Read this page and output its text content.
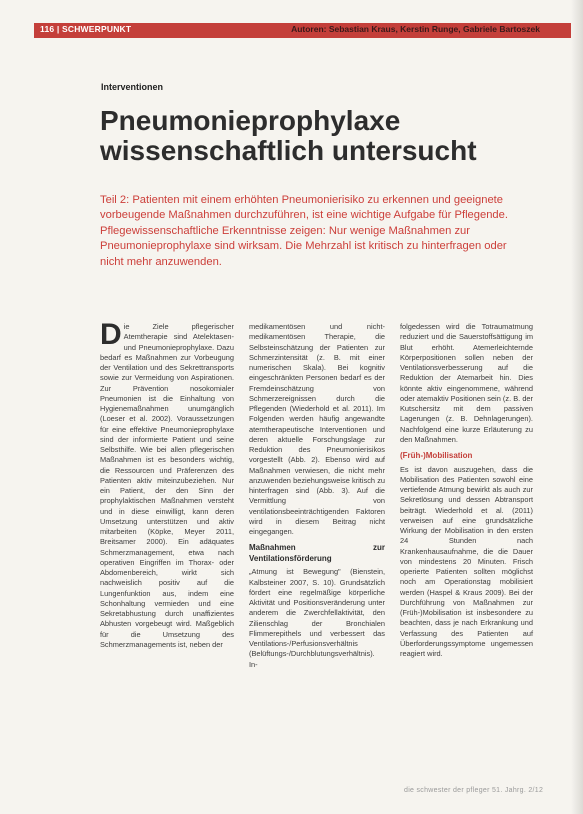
116 | SCHWERPUNKT	Autoren: Sebastian Kraus, Kerstin Runge, Gabriele Bartoszek
Interventionen
Pneumonieprophylaxe wissenschaftlich untersucht
Teil 2: Patienten mit einem erhöhten Pneumonierisiko zu erkennen und geeignete vorbeugende Maßnahmen durchzuführen, ist eine wichtige Aufgabe für Pflegende. Pflegewissenschaftliche Erkenntnisse zeigen: Nur wenige Maßnahmen zur Pneumonieprophylaxe sind wirksam. Die Mehrzahl ist kritisch zu hinterfragen oder nicht mehr anzuwenden.
D ie Ziele pflegerischer Atemtherapie sind Atelektasen- und Pneumonieprophylaxe. Dazu bedarf es Maßnahmen zur Vorbeugung der Ventilation und des Sekrettransports sowie zur Vermeidung von Aspirationen. Zur Prävention nosokomialer Pneumonien ist die Einhaltung von Hygienemaßnahmen unumgänglich (Loeser et al. 2002). Voraussetzungen für eine effektive Pneumonieprophylaxe sind der informierte Patient und seine Selbsthilfe. Wie bei allen pflegerischen Maßnahmen ist es besonders wichtig, die Ressourcen und Präferenzen des Patienten aktiv miteinzubeziehen. Nur ein Patient, der den Sinn der prophylaktischen Maßnahmen versteht und in diese einwilligt, kann deren Umsetzung unterstützen und aktiv mitarbeiten (Köpke, Meyer 2011, Breitsamer 2000). Ein adäquates Schmerzmanagement, etwa nach operativen Eingriffen im Thorax- oder Abdomenbereich, wirkt sich nachweislich positiv auf die Lungenfunktion aus, indem eine Schonhaltung vermieden und eine Sekretabhustung durch unaffizientes Abhusten vorgebeugt wird. Maßgeblich für die Umsetzung des Schmerzmanagements ist, neben der

medikamentösen und nicht-medikamentösen Therapie, die Selbsteinschätzung der Patienten zur Schmerzintensität (z. B. mit einer numerischen Skala). Bei kognitiv eingeschränkten Personen bedarf es der Fremdeinschätzung von Schmerzereignissen durch die Pflegenden (Wiederhold et al. 2011). Im Folgenden werden häufig angewandte atemtherapeutische Interventionen und deren aktuelle Forschungslage zur Reduktion des Pneumonierisikos vorgestellt (Abb. 2). Ebenso wird auf Maßnahmen verwiesen, die nicht mehr anzuwenden beziehungsweise kritisch zu hinterfragen sind (Abb. 3). Auf die Vermittlung von ventilationsbeeinträchtigenden Faktoren wird in diesem Beitrag nicht eingegangen.

Maßnahmen zur Ventilationsförderung

„Atmung ist Bewegung" (Bienstein, Kalbsteiner 2007, S. 10). Grundsätzlich fördert eine regelmäßige körperliche Aktivität und Positionsveränderung unter anderem die Zwerchfellaktivität, den Zilienschlag der Bronchialen Flimmerepithels und verbessert das Ventilations-/Perfusionsverhältnis (Belüftungs-/Durchblutungsverhältnis). In-

folgedessen wird die Totraumatmung reduziert und die Sauerstoffsättigung im Blut erhöht. Atemerleichternde Körperpositionen sollen neben der Ventilationsverbesserung auf die Reduktion der Atemarbeit hin. Dies könnte aktiv eingenommene, während oder atemaktiv Positionen sein (z. B. der Kutschersitz mit dem passiven Lagerungen (z. B. Dehnlagerungen). Nachfolgend eine kurze Erläuterung zu den Maßnahmen.

(Früh-)Mobilisation

Es ist davon auszugehen, dass die Mobilisation des Patienten sowohl eine vertiefende Atmung bewirkt als auch zur Sekretlösung und dessen Abtransport beiträgt. Wiederhold et al. (2011) verweisen auf eine grundsätzliche Wirkung der Mobilisation in den ersten 24 Stunden nach Krankenhausaufnahme, die die Dauer von mindestens 20 Minuten. Frisch operierte Patienten sollten möglichst noch am Operationstag mobilisiert werden (Haspel & Kraus 2009). Bei der Durchführung von Maßnahmen zur (Früh-)Mobilisation ist insbesondere zu beachten, dass je nach Erkrankung und Verfassung des Patienten auf Überforderungssymptome ungemessen reagiert wird.

die schwester der pfleger 51. Jahrg. 2/12
